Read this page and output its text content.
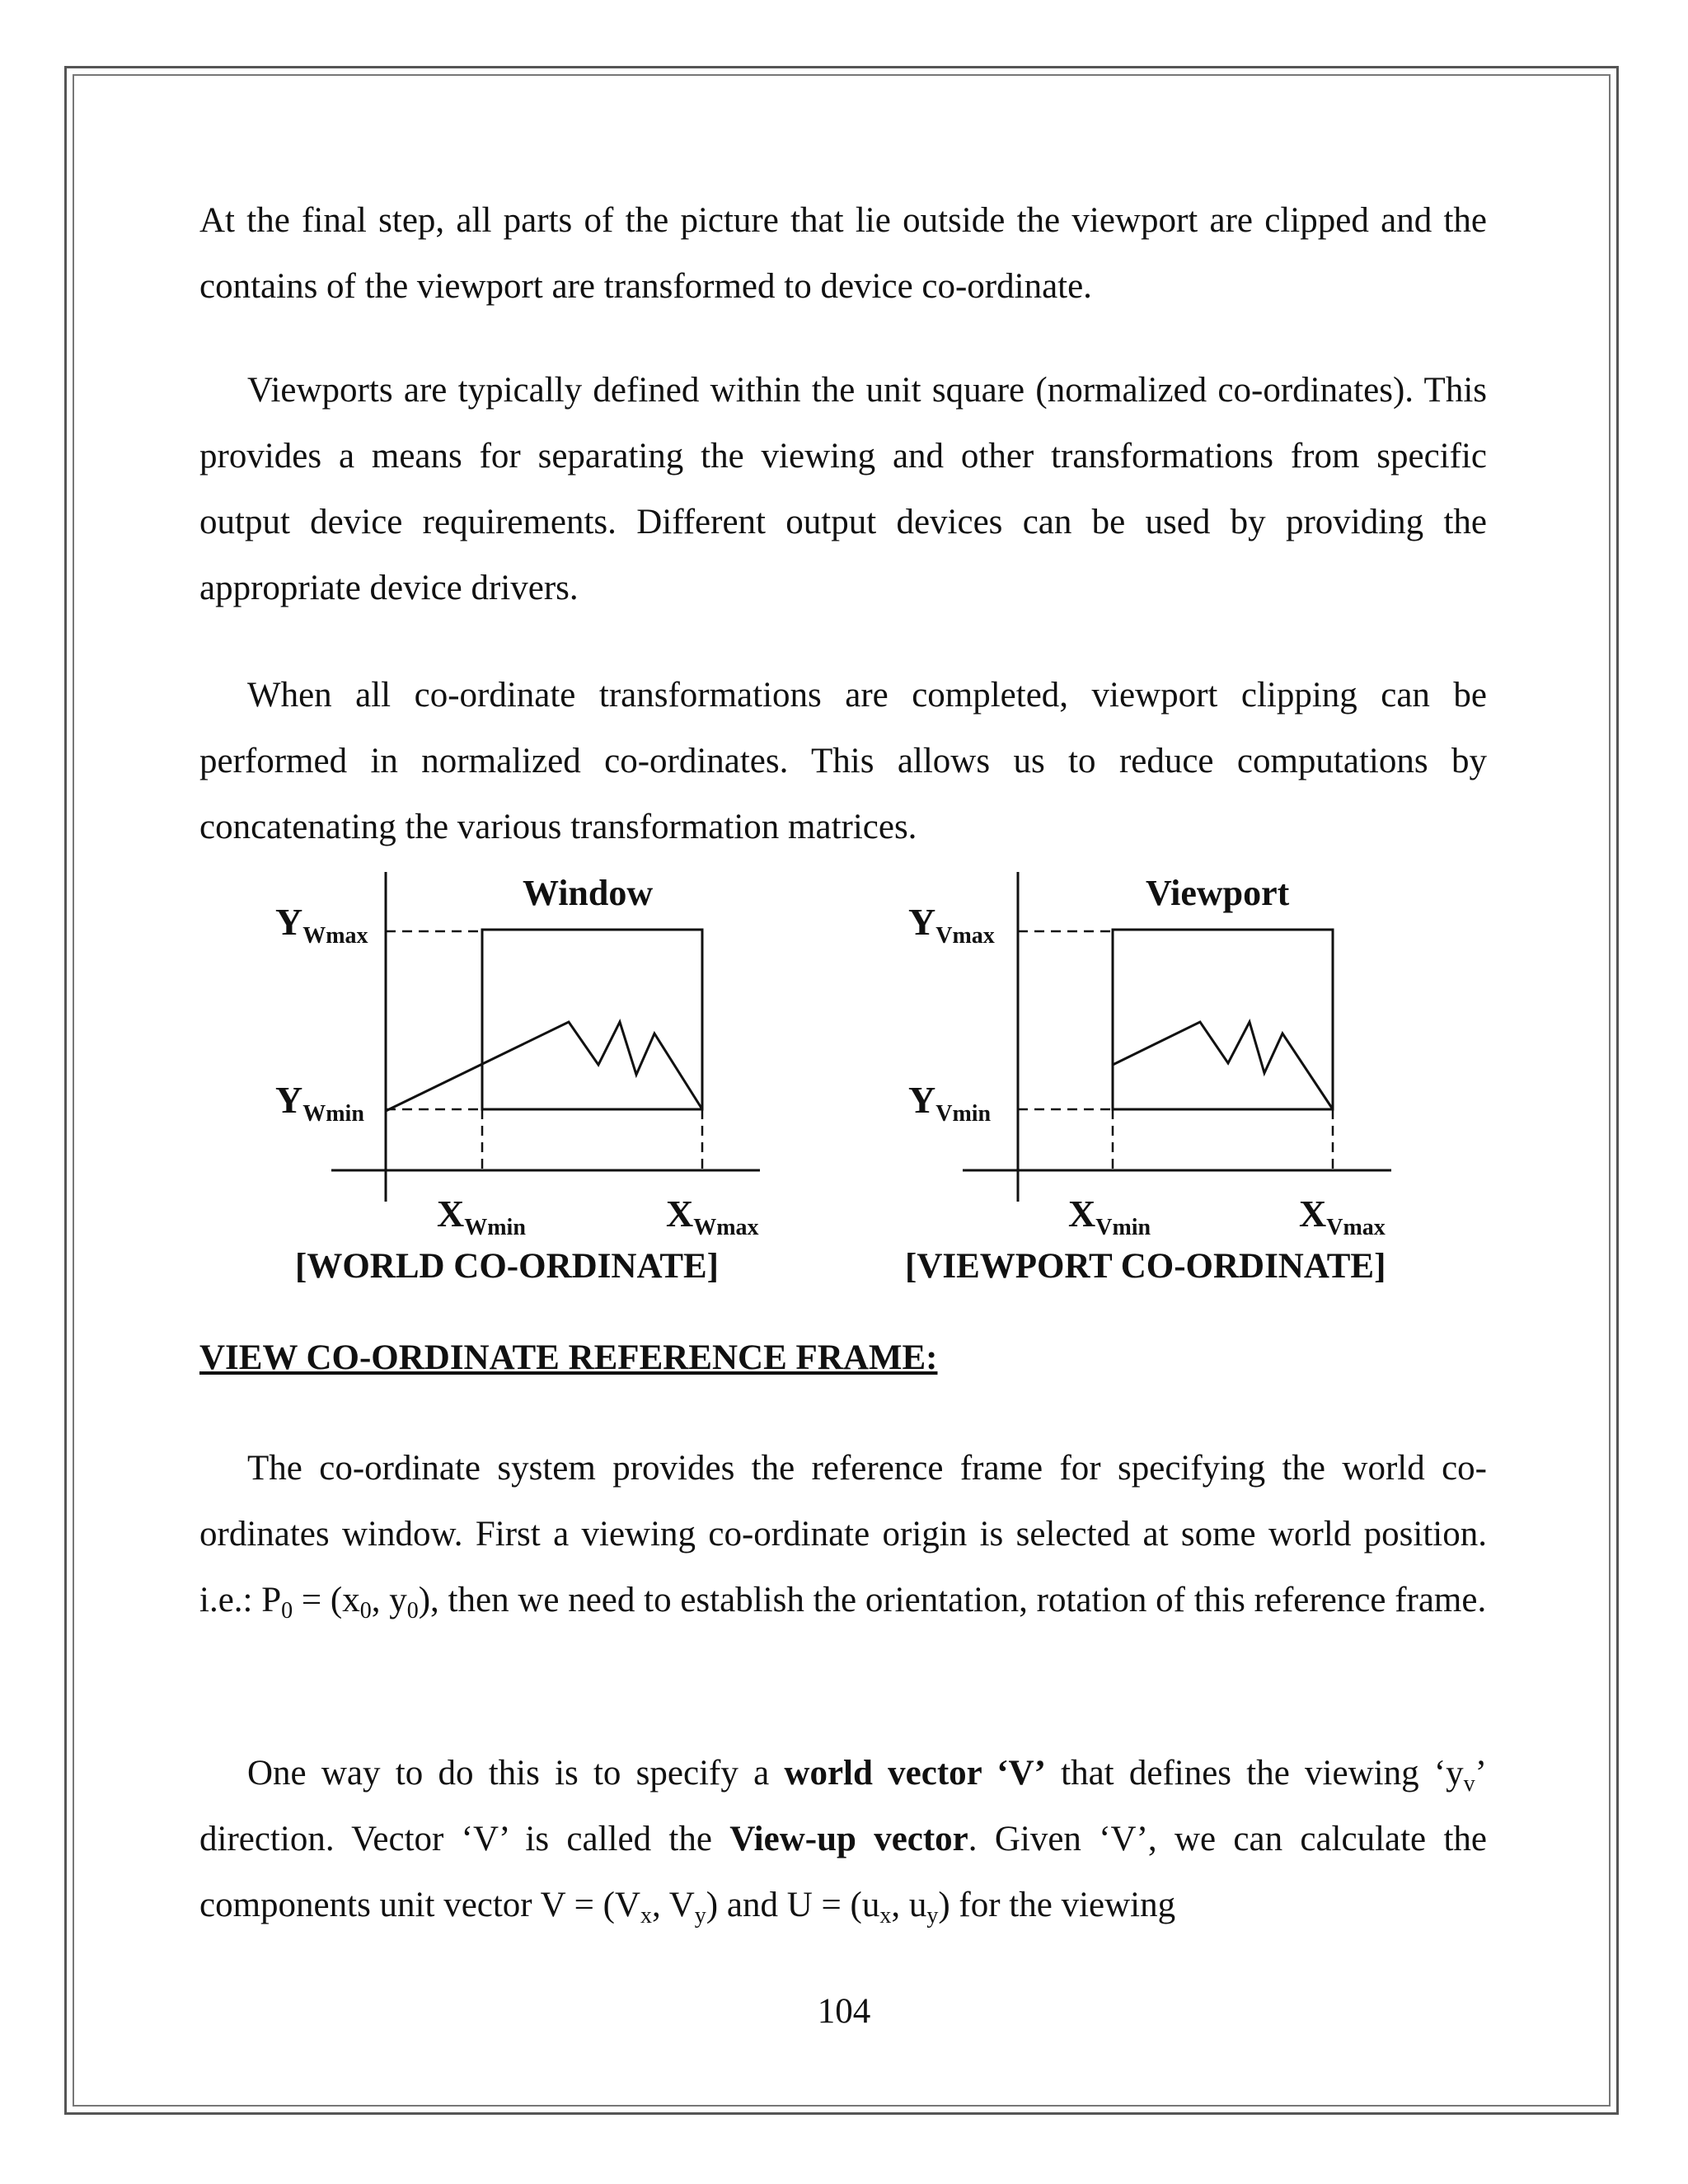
At the final step, all parts of the picture that lie outside the viewport are clipped and the contains of the viewport are transformed to device co-ordinate.

Viewports are typically defined within the unit square (normalized co-ordinates). This provides a means for separating the viewing and other transformations from specific output device requirements. Different output devices can be used by providing the appropriate device drivers.

When all co-ordinate transformations are completed, viewport clipping can be performed in normalized co-ordinates. This allows us to reduce computations by concatenating the various transformation matrices.

Window
YWmax
YWmin
XWmin	XWmax
[WORLD CO-ORDINATE]
Viewport
YVmax
YVmin
XVmin	XVmax
[VIEWPORT CO-ORDINATE]
VIEW CO-ORDINATE REFERENCE FRAME:

The co-ordinate system provides the reference frame for specifying the world co-ordinates window. First a viewing co-ordinate origin is selected at some world position. i.e.: $P_0 = (x_0$, $y_0$), then we need to establish the orientation, rotation of this reference frame.

One way to do this is to specify a world vector ‘V’ that defines the viewing ‘$y_v$’ direction. Vector ‘V’ is called the View-up vector. Given ‘V’, we can calculate the components unit vector $V = (V_x$, $V_y$) and $U = (u_x$, $u_y$) for the viewing

104
